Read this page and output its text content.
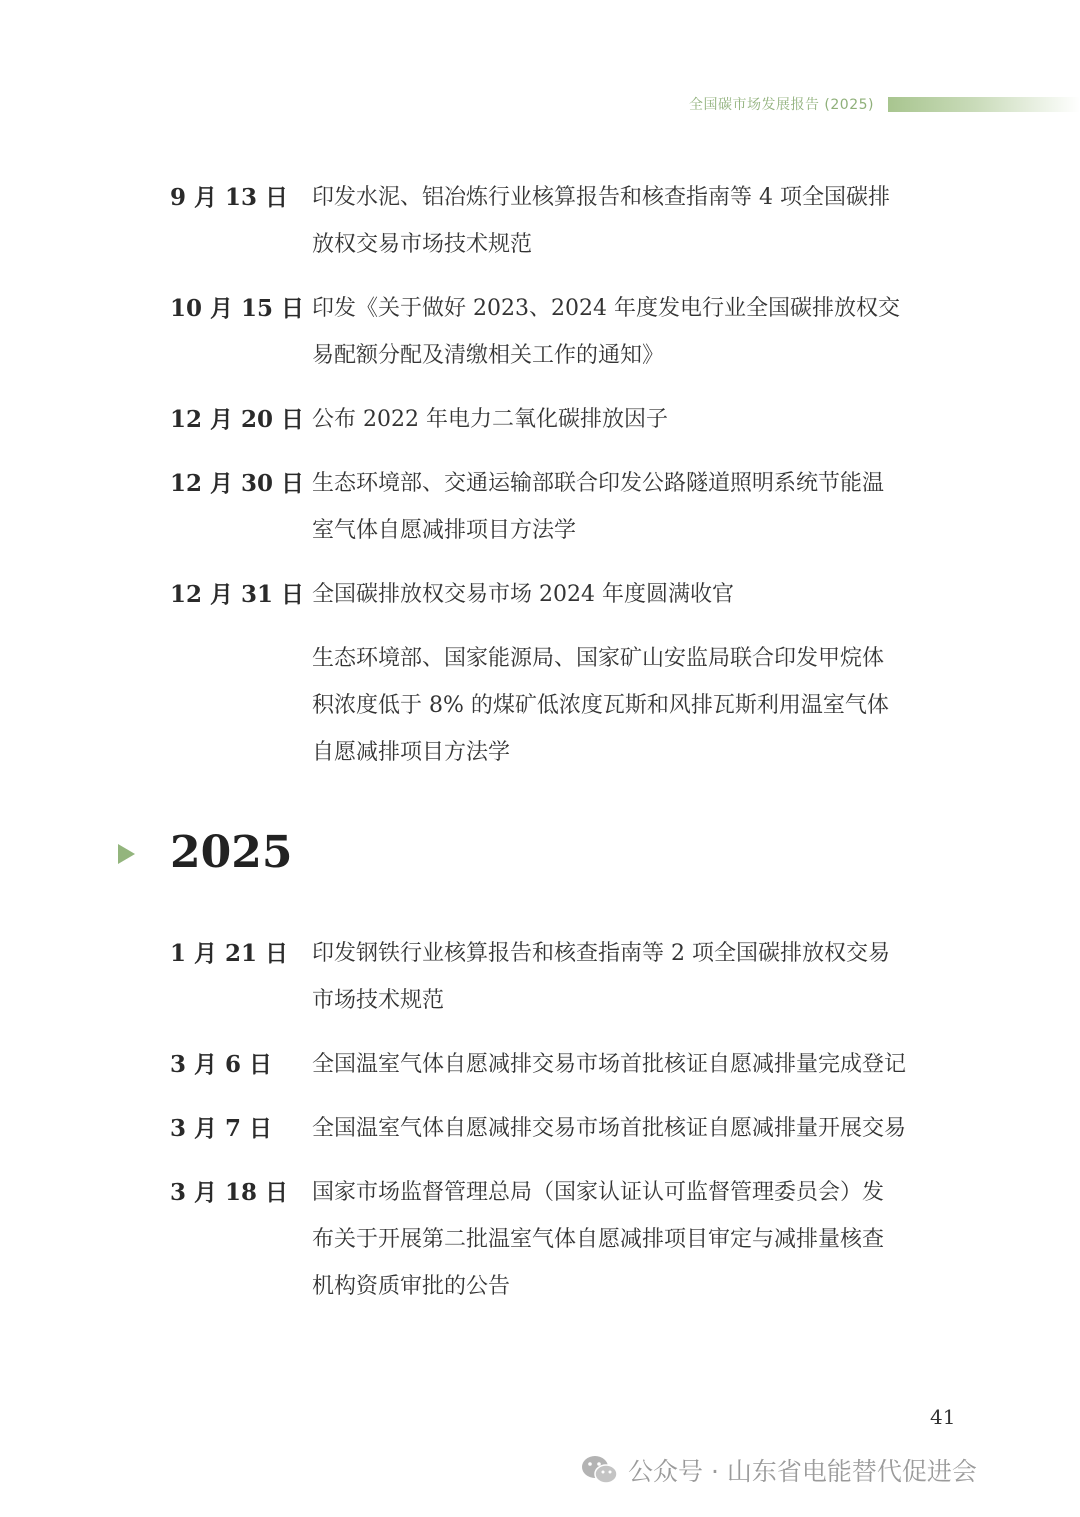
全国碳市场发展报告 (2025)
9 月 13 日 印发水泥、铝冶炼行业核算报告和核查指南等 4 项全国碳排
放权交易市场技术规范
10 月 15 日 印发《关于做好 2023、2024 年度发电行业全国碳排放权交
易配额分配及清缴相关工作的通知》
12 月 20 日 公布 2022 年电力二氧化碳排放因子
12 月 30 日 生态环境部、交通运输部联合印发公路隧道照明系统节能温
室气体自愿减排项目方法学
12 月 31 日 全国碳排放权交易市场 2024 年度圆满收官
生态环境部、国家能源局、国家矿山安监局联合印发甲烷体
积浓度低于 8% 的煤矿低浓度瓦斯和风排瓦斯利用温室气体
自愿减排项目方法学
2025
1 月 21 日 印发钢铁行业核算报告和核查指南等 2 项全国碳排放权交易
市场技术规范
3 月 6 日 全国温室气体自愿减排交易市场首批核证自愿减排量完成登记
3 月 7 日 全国温室气体自愿减排交易市场首批核证自愿减排量开展交易
3 月 18 日 国家市场监督管理总局（国家认证认可监督管理委员会）发
布关于开展第二批温室气体自愿减排项目审定与减排量核查
机构资质审批的公告
41
公众号 · 山东省电能替代促进会
